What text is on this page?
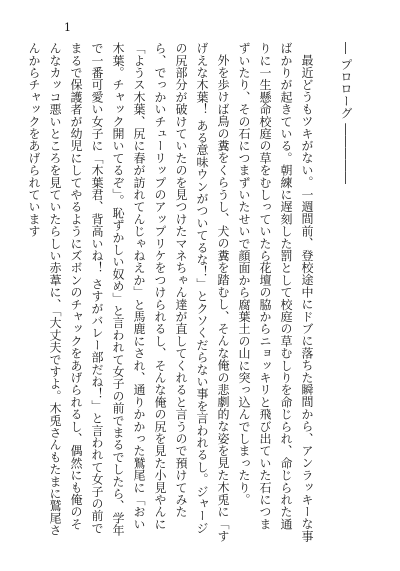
1
― プロローグ ―――――

最近どうもツキがない。一週間前、登校途中にドブに落ちた瞬間から、アンラッキーな事ばかりが起きている。朝練に遅刻した罰として校庭の草むしりを命じられ、命じられた通りに一生懸命校庭の草をむしっていたら花壇の脇からニョッキリと飛び出ていた石につまずいたり、その石につまずいたせいで顔面から腐葉土の山に突っ込んでしまったり。

外を歩けば鳥の糞をくらうし、犬の糞を踏むし、そんな俺の悲劇的な姿を見た木兎に「すげえな木葉！ ある意味ウンがついてるな！」とクソくだらない事を言われるし。ジャージの尻部分が破けていたのを見つけたマネちゃん達が直してくれると言うので預けてみたら、でっかいチューリップのアップリケをつけられるし、そんな俺の尻を見た小見やんに「ようス木葉、尻に春が訪れてんじゃねえか」と馬鹿にされ、通りかかった鷲尾に「おい木葉。チャック開いてるぞ」。恥ずかしい奴め」と言われて女子の前でまるでしたら、学年で一番可愛い女子に「木葉君、背高いね！ さすがバレー部だね！」と言われて女子の前でまるで保護者が幼児にしてやるようにズボンのチャックをあげられるし、偶然にも俺のそんなカッコ悪いところを見ていたらしい赤葦に、「大丈夫ですよ。木兎さんもたまに鷲尾さんからチャックをあげられています
